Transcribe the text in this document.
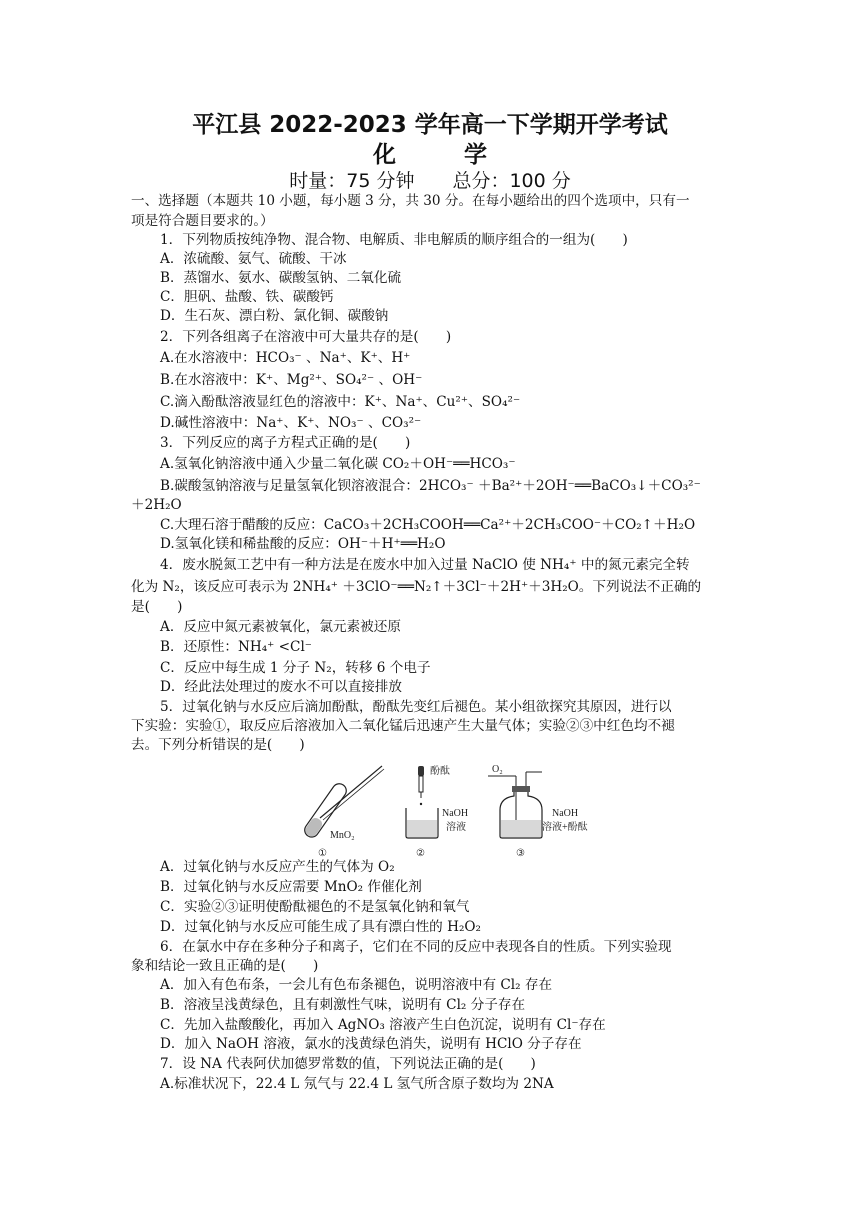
平江县 2022-2023 学年高一下学期开学考试
化 学
时量：75 分钟　　总分：100 分
一、选择题（本题共 10 小题，每小题 3 分，共 30 分。在每小题给出的四个选项中，只有一
项是符合题目要求的。）
1．下列物质按纯净物、混合物、电解质、非电解质的顺序组合的一组为(　　)
A．浓硫酸、氨气、硫酸、干冰
B．蒸馏水、氨水、碳酸氢钠、二氧化硫
C．胆矾、盐酸、铁、碳酸钙
D．生石灰、漂白粉、氯化铜、碳酸钠
2．下列各组离子在溶液中可大量共存的是(　　)
A.在水溶液中：HCO₃⁻ 、Na⁺、K⁺、H⁺
B.在水溶液中：K⁺、Mg²⁺、SO₄²⁻ 、OH⁻
C.滴入酚酞溶液显红色的溶液中：K⁺、Na⁺、Cu²⁺、SO₄²⁻
D.碱性溶液中：Na⁺、K⁺、NO₃⁻ 、CO₃²⁻
3．下列反应的离子方程式正确的是(　　)
A.氢氧化钠溶液中通入少量二氧化碳 CO₂＋OH⁻══HCO₃⁻
B.碳酸氢钠溶液与足量氢氧化钡溶液混合：2HCO₃⁻ ＋Ba²⁺＋2OH⁻══BaCO₃↓＋CO₃²⁻
＋2H₂O
C.大理石溶于醋酸的反应：CaCO₃＋2CH₃COOH══Ca²⁺＋2CH₃COO⁻＋CO₂↑＋H₂O
D.氢氧化镁和稀盐酸的反应：OH⁻＋H⁺══H₂O
4．废水脱氮工艺中有一种方法是在废水中加入过量 NaClO 使 NH₄⁺ 中的氮元素完全转
化为 N₂，该反应可表示为 2NH₄⁺ ＋3ClO⁻══N₂↑＋3Cl⁻＋2H⁺＋3H₂O。下列说法不正确的
是(　　)
A．反应中氮元素被氧化，氯元素被还原
B．还原性：NH₄⁺ <Cl⁻
C．反应中每生成 1 分子 N₂，转移 6 个电子
D．经此法处理过的废水不可以直接排放
5．过氧化钠与水反应后滴加酚酞，酚酞先变红后褪色。某小组欲探究其原因，进行以
下实验：实验①，取反应后溶液加入二氧化锰后迅速产生大量气体；实验②③中红色均不褪
去。下列分析错误的是(　　)
MnO₂
①
酚酞
NaOH
溶液
②
O₂
NaOH
溶液+酚酞
③
A．过氧化钠与水反应产生的气体为 O₂
B．过氧化钠与水反应需要 MnO₂ 作催化剂
C．实验②③证明使酚酞褪色的不是氢氧化钠和氧气
D．过氧化钠与水反应可能生成了具有漂白性的 H₂O₂
6．在氯水中存在多种分子和离子，它们在不同的反应中表现各自的性质。下列实验现
象和结论一致且正确的是(　　)
A．加入有色布条，一会儿有色布条褪色，说明溶液中有 Cl₂ 存在
B．溶液呈浅黄绿色，且有刺激性气味，说明有 Cl₂ 分子存在
C．先加入盐酸酸化，再加入 AgNO₃ 溶液产生白色沉淀，说明有 Cl⁻存在
D．加入 NaOH 溶液，氯水的浅黄绿色消失，说明有 HClO 分子存在
7．设 NA 代表阿伏加德罗常数的值，下列说法正确的是(　　)
A.标准状况下，22.4 L 氖气与 22.4 L 氢气所含原子数均为 2NA
